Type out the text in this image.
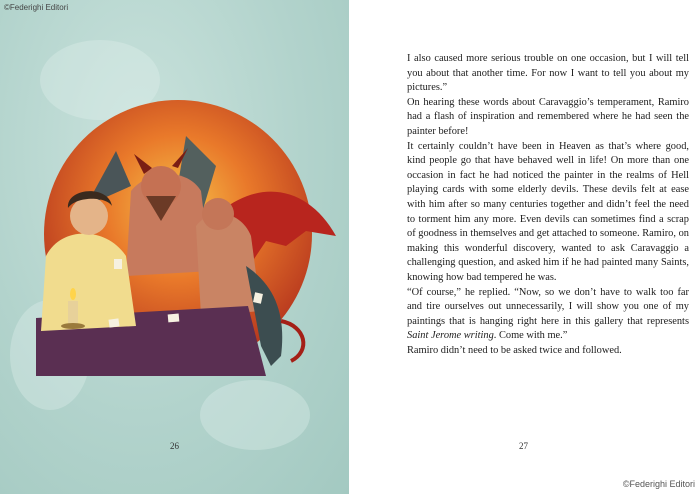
©Federighi Editori
26

I also caused more serious trouble on one occasion, but I will tell you about that another time. For now I want to tell you about my pictures.”

On hearing these words about Caravaggio’s temperament, Ramiro had a flash of inspiration and remembered where he had seen the painter before!

It certainly couldn’t have been in Heaven as that’s where good, kind people go that have behaved well in life! On more than one occasion in fact he had noticed the painter in the realms of Hell playing cards with some elderly devils. These devils felt at ease with him after so many centuries together and didn’t feel the need to torment him any more. Even devils can sometimes find a scrap of goodness in themselves and get attached to someone. Ramiro, on making this wonderful discovery, wanted to ask Caravaggio a challenging question, and asked him if he had painted many Saints, knowing how bad tempered he was.

“Of course,” he replied. “Now, so we don’t have to walk too far and tire ourselves out unnecessarily, I will show you one of my paintings that is hanging right here in this gallery that represents Saint Jerome writing. Come with me.”

Ramiro didn’t need to be asked twice and followed.

27
©Federighi Editori
